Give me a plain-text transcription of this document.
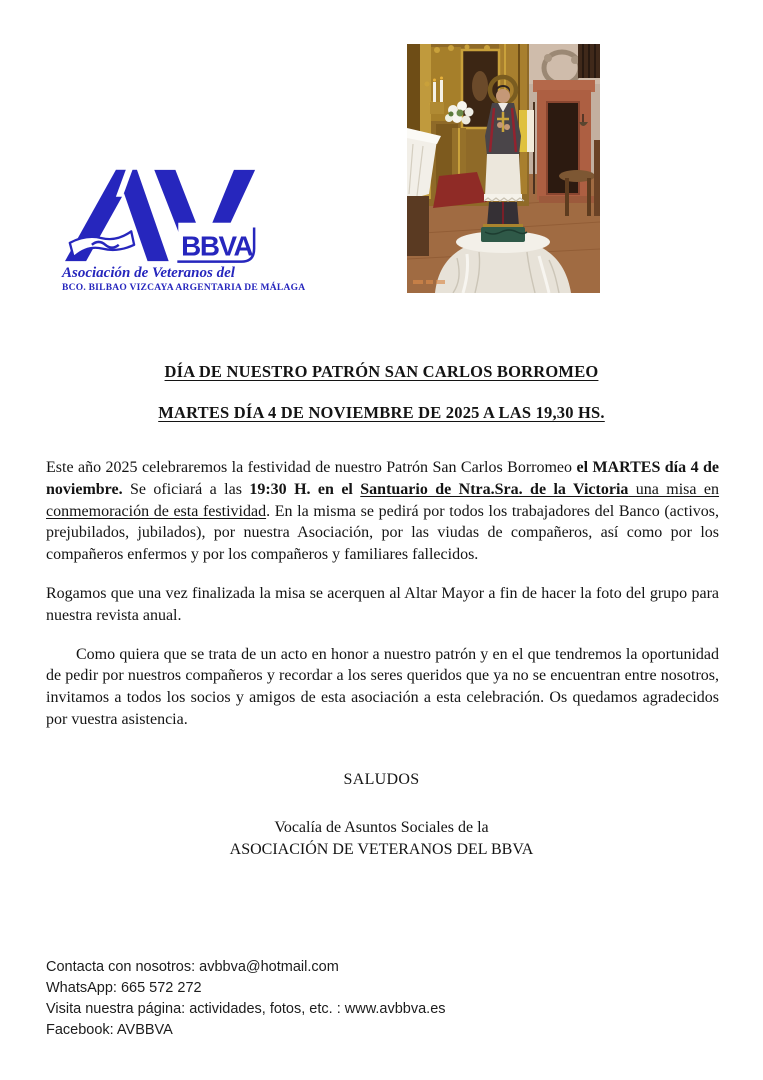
BBVA
Asociación de Veteranos del
BCO. BILBAO VIZCAYA ARGENTARIA DE MÁLAGA
DÍA DE NUESTRO PATRÓN SAN CARLOS BORROMEO
MARTES DÍA 4 DE NOVIEMBRE DE 2025 A LAS 19,30 HS.

Este año 2025 celebraremos la festividad de nuestro Patrón San Carlos Borromeo el MARTES día 4 de noviembre. Se oficiará a las 19:30 H. en el Santuario de Ntra.Sra. de la Victoria una misa en conmemoración de esta festividad. En la misma se pedirá por todos los trabajadores del Banco (activos, prejubilados, jubilados), por nuestra Asociación, por las viudas de compañeros, así como por los compañeros enfermos y por los compañeros y familiares fallecidos.

Rogamos que una vez finalizada la misa se acerquen al Altar Mayor a fin de hacer la foto del grupo para nuestra revista anual.

Como quiera que se trata de un acto en honor a nuestro patrón y en el que tendremos la oportunidad de pedir por nuestros compañeros y recordar a los seres queridos que ya no se encuentran entre nosotros, invitamos a todos los socios y amigos de esta asociación a esta celebración. Os quedamos agradecidos por vuestra asistencia.

SALUDOS
Vocalía de Asuntos Sociales de la
ASOCIACIÓN DE VETERANOS DEL BBVA
Contacta con nosotros: avbbva@hotmail.com
WhatsApp: 665 572 272
Visita nuestra página: actividades, fotos, etc. : www.avbbva.es
Facebook: AVBBVA
